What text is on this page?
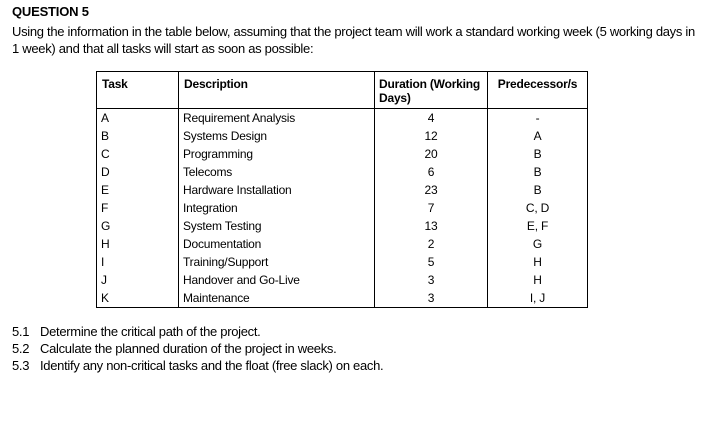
QUESTION 5
Using the information in the table below, assuming that the project team will work a standard working week (5 working days in 1 week) and that all tasks will start as soon as possible:
Task	Description	Duration (Working Days)	Predecessor/s
A	Requirement Analysis	4	-
B	Systems Design	12	A
C	Programming	20	B
D	Telecoms	6	B
E	Hardware Installation	23	B
F	Integration	7	C, D
G	System Testing	13	E, F
H	Documentation	2	G
I	Training/Support	5	H
J	Handover and Go-Live	3	H
K	Maintenance	3	I, J
5.1 Determine the critical path of the project.
5.2 Calculate the planned duration of the project in weeks.
5.3 Identify any non-critical tasks and the float (free slack) on each.
